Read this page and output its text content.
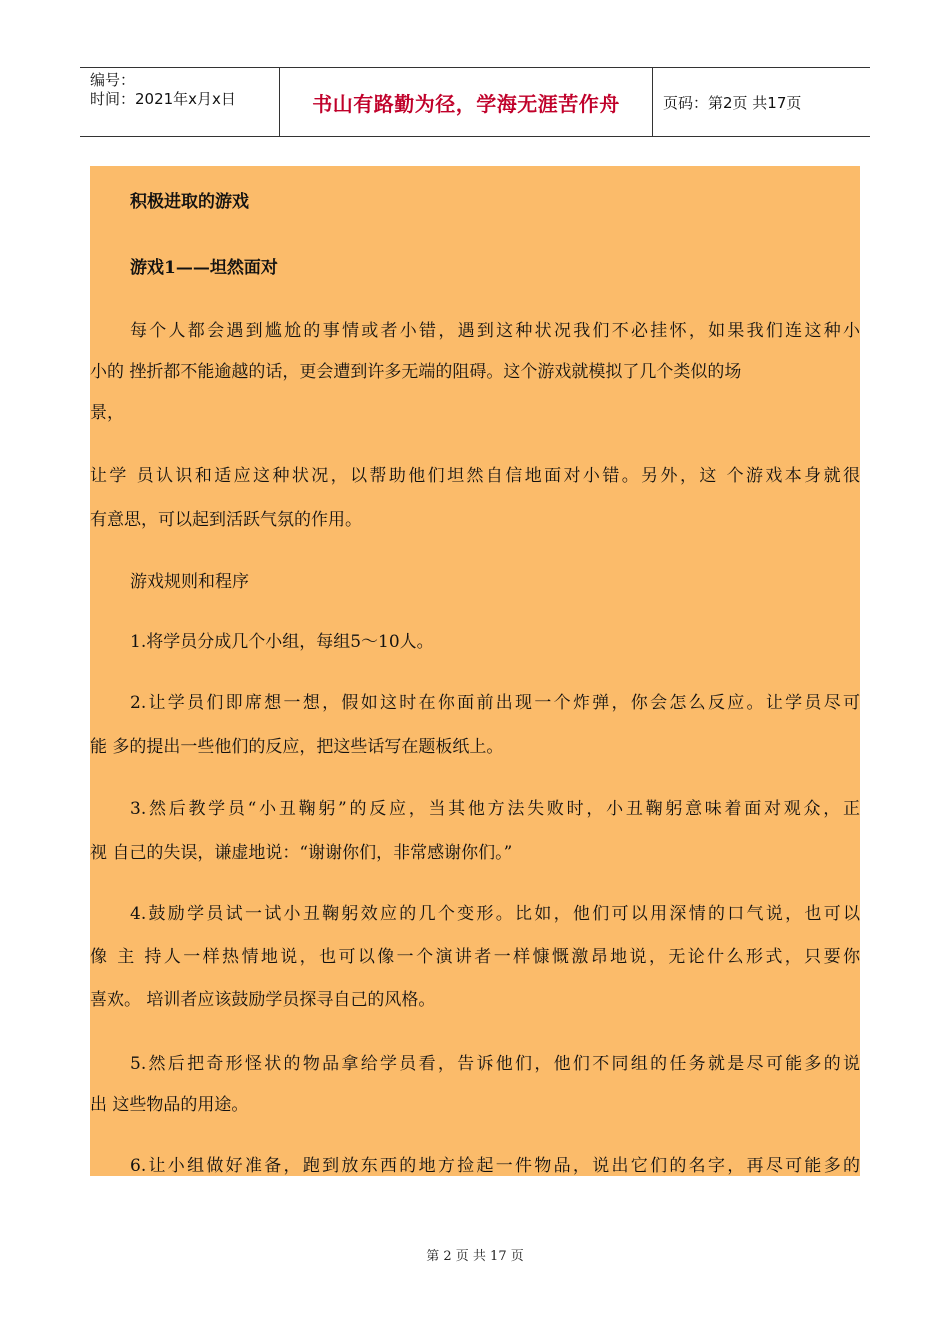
编号：
时间：2021年x月x日	书山有路勤为径，学海无涯苦作舟	页码：第2页 共17页

积极进取的游戏

游戏1——坦然面对

每个人都会遇到尴尬的事情或者小错，遇到这种状况我们不必挂怀，如果我们连这种小

小的 挫折都不能逾越的话，更会遭到许多无端的阻碍。这个游戏就模拟了几个类似的场

景，

让学 员认识和适应这种状况，以帮助他们坦然自信地面对小错。另外，这 个游戏本身就很

有意思，可以起到活跃气氛的作用。

游戏规则和程序

1.将学员分成几个小组，每组5～10人。

2.让学员们即席想一想，假如这时在你面前出现一个炸弹，你会怎么反应。让学员尽可

能 多的提出一些他们的反应，把这些话写在题板纸上。

3.然后教学员“小丑鞠躬”的反应，当其他方法失败时，小丑鞠躬意味着面对观众，正

视 自己的失误，谦虚地说：“谢谢你们，非常感谢你们。”

4.鼓励学员试一试小丑鞠躬效应的几个变形。比如，他们可以用深情的口气说，也可以

像 主 持人一样热情地说，也可以像一个演讲者一样慷慨激昂地说，无论什么形式，只要你

喜欢。 培训者应该鼓励学员探寻自己的风格。

5.然后把奇形怪状的物品拿给学员看，告诉他们，他们不同组的任务就是尽可能多的说

出 这些物品的用途。

6.让小组做好准备，跑到放东西的地方捡起一件物品，说出它们的名字，再尽可能多的

第 2 页 共 17 页
